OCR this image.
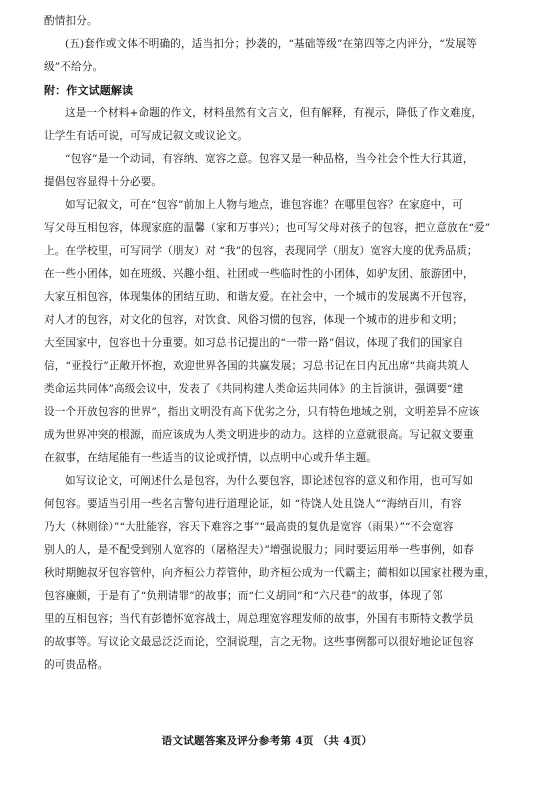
酌情扣分。
(五)套作或文体不明确的，适当扣分；抄袭的，“基础等级”在第四等之内评分，“发展等
级”不给分。
附：作文试题解读
这是一个材料+命题的作文，材料虽然有文言文，但有解释，有视示，降低了作文难度，
让学生有话可说，可写成记叙文或议论文。
“包容”是一个动词，有容纳、宽容之意。包容又是一种品格，当今社会个性大行其道，
提倡包容显得十分必要。
如写记叙文，可在“包容”前加上人物与地点，谁包容谁？在哪里包容？在家庭中，可
写父母互相包容，体现家庭的温馨（家和万事兴）；也可写父母对孩子的包容，把立意放在“爱”
上。在学校里，可写同学（朋友）对 “我”的包容，表现同学（朋友）宽容大度的优秀品质；
在一些小团体，如在班级、兴趣小组、社团或一些临时性的小团体，如驴友团、旅游团中，
大家互相包容，体现集体的团结互助、和谐友爱。在社会中，一个城市的发展离不开包容，
对人才的包容，对文化的包容，对饮食、风俗习惯的包容，体现一个城市的进步和文明；
大至国家中，包容也十分重要。如习总书记提出的“一带一路”倡议，体现了我们的国家自
信，“亚投行”正敞开怀抱，欢迎世界各国的共赢发展；习总书记在日内瓦出席“共商共筑人
类命运共同体”高级会议中，发表了《共同构建人类命运共同体》的主旨演讲，强调要“建
设一个开放包容的世界”，指出文明没有高下优劣之分，只有特色地域之别，文明差异不应该
成为世界冲突的根源，而应该成为人类文明进步的动力。这样的立意就很高。写记叙文要重
在叙事，在结尾能有一些适当的议论或抒情，以点明中心或升华主题。
如写议论文，可阐述什么是包容，为什么要包容，即论述包容的意义和作用，也可写如
何包容。要适当引用一些名言警句进行道理论证，如 “待饶人处且饶人”“海纳百川，有容
乃大（林则徐）”“大肚能容，容天下难容之事”“最高贵的复仇是宽容（雨果）”“不会宽容
别人的人，是不配受到别人宽容的（屠格涅夫）”增强说服力；同时要运用举一些事例，如春
秋时期鲍叔牙包容管仲，向齐桓公力荐管仲，助齐桓公成为一代霸主；蔺相如以国家社稷为重，
包容廉颇，于是有了“负荆请罪”的故事；而“仁义胡同”和“六尺巷”的故事，体现了邻
里的互相包容；当代有彭德怀宽容战士，周总理宽容理发师的故事，外国有韦斯特文教学员
的故事等。写议论文最忌泛泛而论，空洞说理，言之无物。这些事例都可以很好地论证包容
的可贵品格。
语文试题答案及评分参考第 4页 （共 4页）
